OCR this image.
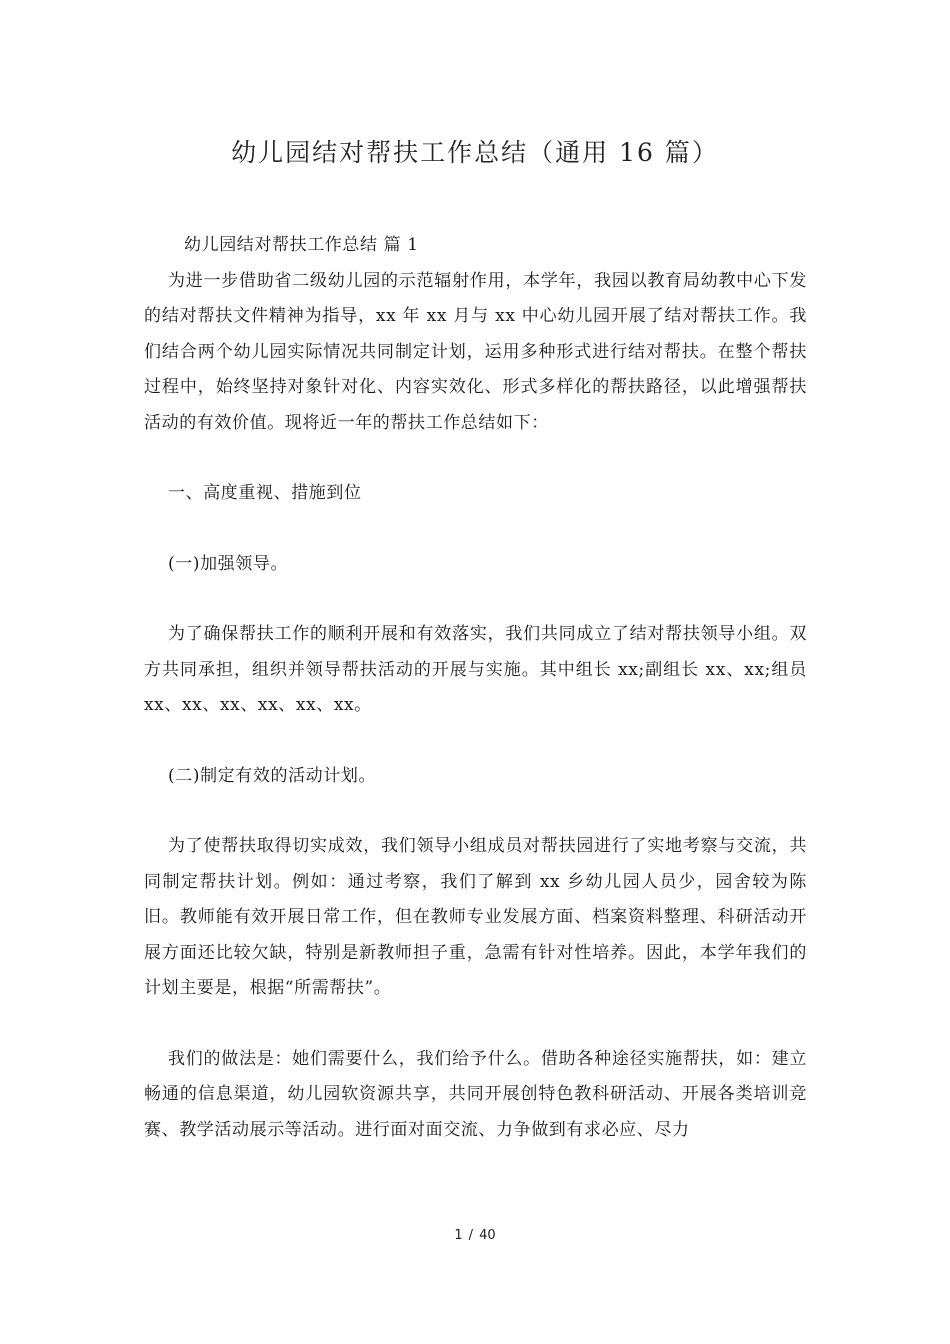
幼儿园结对帮扶工作总结（通用 16 篇）

幼儿园结对帮扶工作总结 篇 1

为进一步借助省二级幼儿园的示范辐射作用，本学年，我园以教育局幼教中心下发的结对帮扶文件精神为指导，xx 年 xx 月与 xx 中心幼儿园开展了结对帮扶工作。我们结合两个幼儿园实际情况共同制定计划，运用多种形式进行结对帮扶。在整个帮扶过程中，始终坚持对象针对化、内容实效化、形式多样化的帮扶路径，以此增强帮扶活动的有效价值。现将近一年的帮扶工作总结如下：

一、高度重视、措施到位

(一)加强领导。

为了确保帮扶工作的顺利开展和有效落实，我们共同成立了结对帮扶领导小组。双方共同承担，组织并领导帮扶活动的开展与实施。其中组长 xx;副组长 xx、xx;组员 xx、xx、xx、xx、xx、xx。

(二)制定有效的活动计划。

为了使帮扶取得切实成效，我们领导小组成员对帮扶园进行了实地考察与交流，共同制定帮扶计划。例如：通过考察，我们了解到 xx 乡幼儿园人员少，园舍较为陈旧。教师能有效开展日常工作，但在教师专业发展方面、档案资料整理、科研活动开展方面还比较欠缺，特别是新教师担子重，急需有针对性培养。因此，本学年我们的计划主要是，根据“所需帮扶”。

我们的做法是：她们需要什么，我们给予什么。借助各种途径实施帮扶，如：建立畅通的信息渠道，幼儿园软资源共享，共同开展创特色教科研活动、开展各类培训竞赛、教学活动展示等活动。进行面对面交流、力争做到有求必应、尽力

1 / 40
